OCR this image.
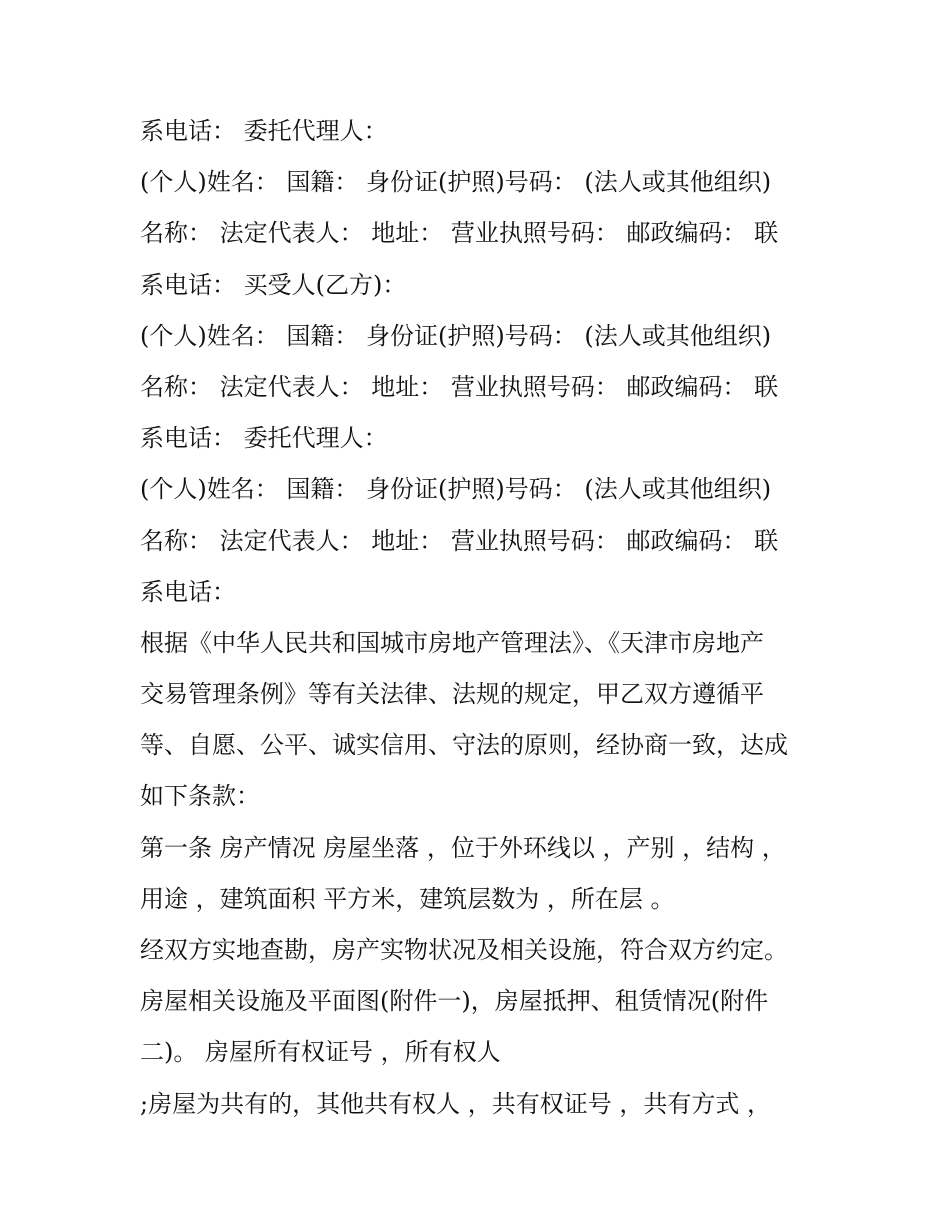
系电话： 委托代理人：
(个人)姓名： 国籍： 身份证(护照)号码： (法人或其他组织)
名称： 法定代表人： 地址： 营业执照号码： 邮政编码： 联
系电话： 买受人(乙方)：
(个人)姓名： 国籍： 身份证(护照)号码： (法人或其他组织)
名称： 法定代表人： 地址： 营业执照号码： 邮政编码： 联
系电话： 委托代理人：
(个人)姓名： 国籍： 身份证(护照)号码： (法人或其他组织)
名称： 法定代表人： 地址： 营业执照号码： 邮政编码： 联
系电话：
根据《中华人民共和国城市房地产管理法》、《天津市房地产
交易管理条例》等有关法律、法规的规定，甲乙双方遵循平
等、自愿、公平、诚实信用、守法的原则，经协商一致，达成
如下条款：
第一条 房产情况 房屋坐落 ，位于外环线以 ，产别 ，结构 ，
用途 ，建筑面积 平方米，建筑层数为 ，所在层 。
经双方实地查勘，房产实物状况及相关设施，符合双方约定。
房屋相关设施及平面图(附件一)，房屋抵押、租赁情况(附件
二)。 房屋所有权证号 ，所有权人
;房屋为共有的，其他共有权人 ，共有权证号 ，共有方式 ，
